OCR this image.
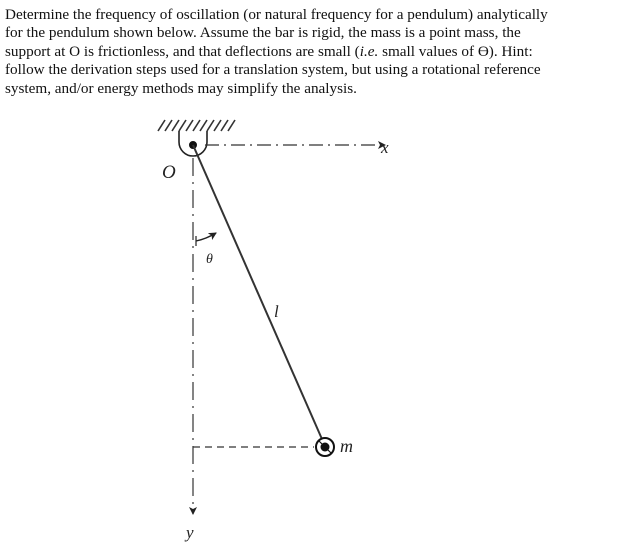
Determine the frequency of oscillation (or natural frequency for a pendulum) analytically
for the pendulum shown below. Assume the bar is rigid, the mass is a point mass, the
support at O is frictionless, and that deflections are small (i.e. small values of ϴ). Hint:
follow the derivation steps used for a translation system, but using a rotational reference
system, and/or energy methods may simplify the analysis.
O
x
y
θ
l
m
